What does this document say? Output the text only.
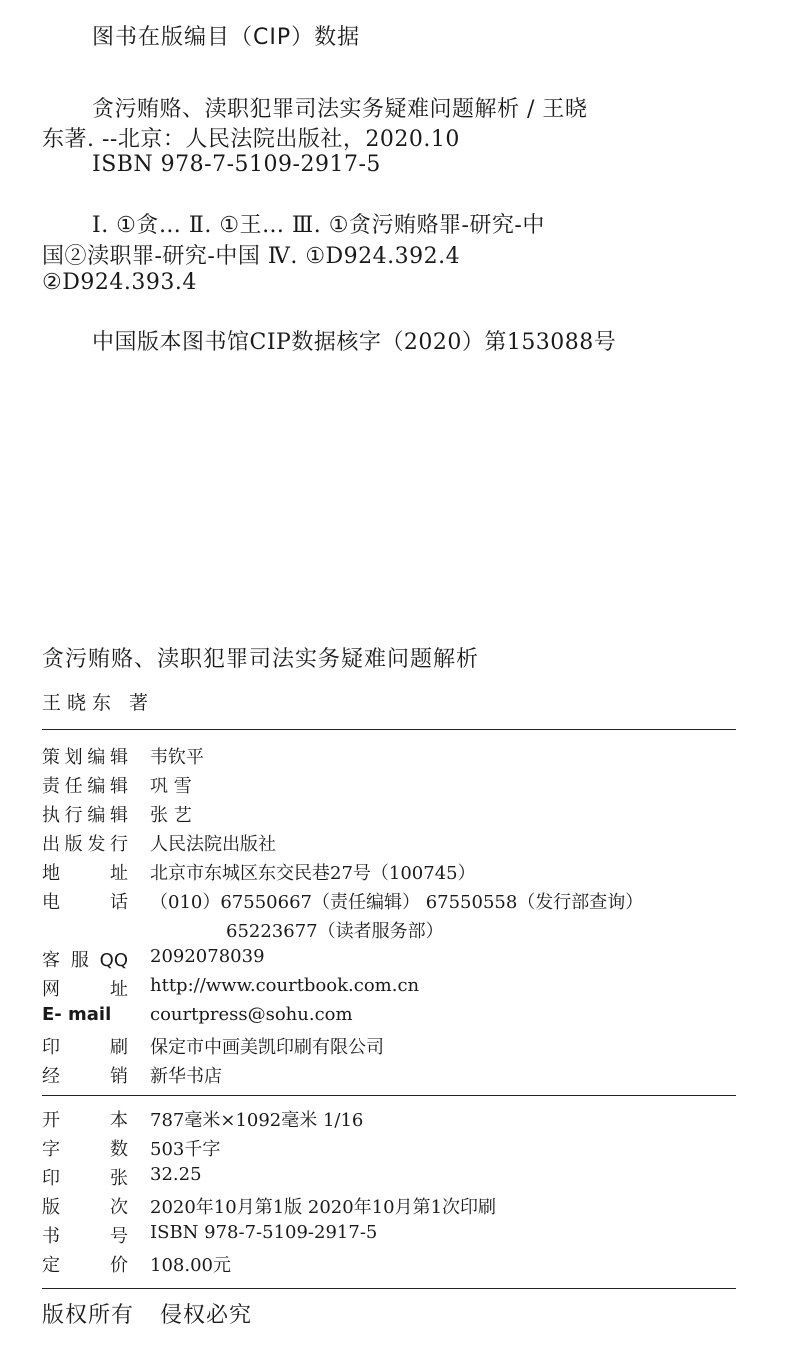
图书在版编目（CIP）数据
贪污贿赂、渎职犯罪司法实务疑难问题解析 / 王晓
东著. --北京：人民法院出版社，2020.10
ISBN 978-7-5109-2917-5
Ⅰ. ①贪… Ⅱ. ①王… Ⅲ. ①贪污贿赂罪-研究-中
国②渎职罪-研究-中国 Ⅳ. ①D924.392.4
②D924.393.4
中国版本图书馆CIP数据核字（2020）第153088号
贪污贿赂、渎职犯罪司法实务疑难问题解析
王晓东 著
策划编辑 韦钦平
责任编辑 巩 雪
执行编辑 张 艺
出版发行 人民法院出版社
地址 北京市东城区东交民巷27号（100745）
电话 （010）67550667（责任编辑） 67550558（发行部查询）
65223677（读者服务部）
客服QQ 2092078039
网址 http://www.courtbook.com.cn
E- mail	courtpress@sohu.com
印刷 保定市中画美凯印刷有限公司
经销 新华书店
开本 787毫米×1092毫米 1/16
字数 503千字
印张 32.25
版次 2020年10月第1版 2020年10月第1次印刷
书号 ISBN 978-7-5109-2917-5
定价 108.00元
版权所有 侵权必究
